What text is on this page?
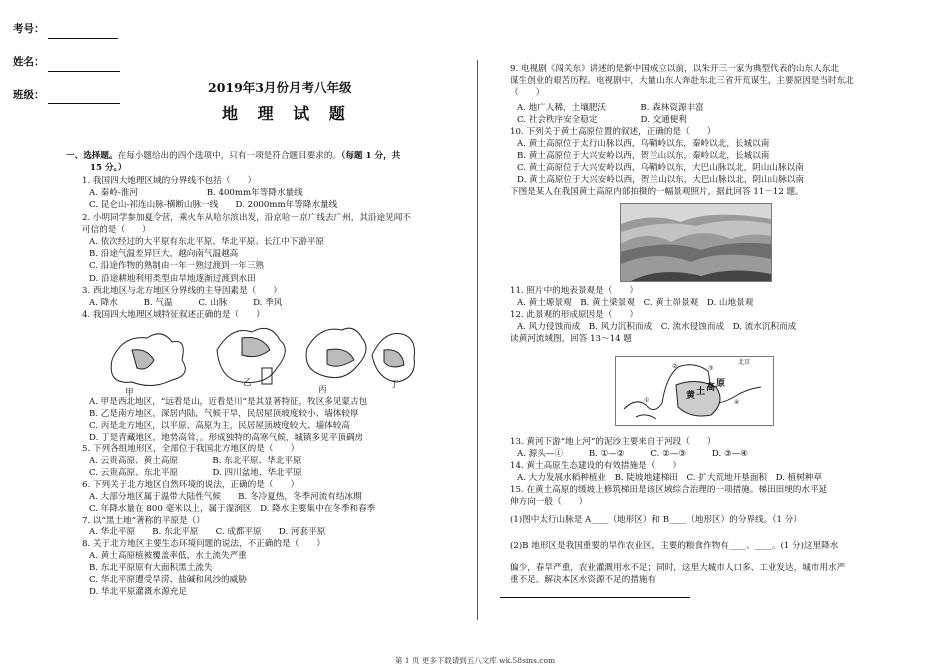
考号：
姓名：
班级：	2019年3月份月考八年级
地 理 试 题
一、选择题。在每小题给出的四个选项中，只有一项是符合题目要求的。（每题 1 分，共
15 分。）
1. 我国四大地理区域的分界线不包括（　　）
A. 秦岭-淮河　　　　　　　　B. 400mm年等降水量线
C. 昆仑山-祁连山脉-横断山脉一线　　D. 2000mm年等降水量线
2. 小明同学参加夏令营，乘火车从哈尔滨出发，沿京哈－京广线去广州，其沿途见闻不
可信的是（　　）
A. 依次经过的大平原有东北平原、华北平原、长江中下游平原
B. 沿途气温差异巨大，越向南气温越高
C. 沿途作物的熟制由一年一熟过渡到一年三熟
D. 沿途耕地利用类型由旱地逐渐过渡到水田
3. 西北地区与北方地区分界线的主导因素是（　　）
A. 降水　　　B. 气温　　　C. 山脉　　　D. 季风
4. 我国四大地理区域特征叙述正确的是（　　）
甲
乙
丙	丁
A. 甲是西北地区，“远看是山，近看是川”是其显著特征，牧区多见蒙古包
B. 乙是南方地区，深居内陆，气候干旱，民居屋顶坡度较小、墙体较厚
C. 丙是北方地区，以平原、高原为主，民居屋顶坡度较大、墙体较高
D. 丁是青藏地区，地势高耸，。形成独特的高寒气候，城镇多见平顶碉房
5. 下列各组地形区，全部位于我国北方地区的是（　　）
A. 云贵高原、黄土高原　　　　B. 东北平原、华北平原
C. 云贵高原、东北平原　　　　D. 四川盆地、华北平原
6. 下列关于北方地区自然环境的说法，正确的是（　　）
A. 大部分地区属于温带大陆性气候　　B. 冬冷夏热，冬季河流有结冰期
C. 年降水量在 800 毫米以上，属于湿润区　D. 降水主要集中在冬季和春季
7. 以“黑土地”著称的平原是（）
A. 华北平原　　B. 东北平原　　C. 成都平原　　D. 河套平原
8. 关于北方地区主要生态环境问题的说法，不正确的是（　　）
A. 黄土高原植被覆盖率低，水土流失严重
B. 东北平原原有大面积黑土流失
C. 华北平原遭受旱涝、盐碱和风沙的威胁
D. 华北平原灌溉水源充足
9. 电视剧《闯关东》讲述的是新中国成立以前，以朱开三一家为典型代表的山东人东北
谋生创业的艰苦历程。电视剧中，大量山东人奔赴东北三省开荒谋生，主要原因是当时东北
（　　）
A. 地广人稀，土壤肥沃　　　　B. 森林资源丰富
C. 社会秩序安全稳定　　　　　D. 交通便利
10. 下列关于黄土高原位置的叙述，正确的是（　　）
A. 黄土高原位于太行山脉以西，乌鞘岭以东，秦岭以北，长城以南
B. 黄土高原位于大兴安岭以西，贺兰山以东，秦岭以北，长城以南
C. 黄土高原位于大兴安岭以西，乌鞘岭以东，大巴山脉以北，阴山山脉以南
D. 黄土高原位于大兴安岭以西，贺兰山以东，大巴山脉以北，阴山山脉以南
下图是某人在我国黄土高原内部拍摄的一幅景观照片，据此回答 11－12 题。
11. 照片中的地表景观是（　　）
A. 黄土塬景观　B. 黄土梁景观　C. 黄土峁景观　D. 山地景观
12. 此景观的形成原因是（　　）
A. 风力侵蚀而成　B. 风力沉积而成　C. 流水侵蚀而成　D. 流水沉积而成
读黄河流域图，回答 13～14 题
北京
黄 土 高 原
①
②	③
④
13. 黄河下游“地上河”的泥沙主要来自于河段（　　）
A. 源头—①　　　B. ①—②　　　C. ②—③　　　D. ③—④
14. 黄土高原生态建设的有效措施是（　　）
A. 大力发展水稻种植业　B. 陡坡地建梯田　C. 扩大荒地开垦面积　D. 植树种草
15. 在黄土高原的缓坡上修筑梯田是该区域综合治理的一项措施。梯田田埂的水平延
伸方向一般（　　）
(1)图中太行山脉是 A____（地形区）和 B____（地形区）的分界线。（1 分）
(2)B 地形区是我国重要的旱作农业区，主要的粮食作物有____、____。(1 分)这里降水
偏少，春旱严重，农业灌溉用水不足；同时，这里大城市人口多、工业发达，城市用水严
重不足。解决本区水资源不足的措施有
第 1 页 更多下载请到五八文库 wk.58sms.com
